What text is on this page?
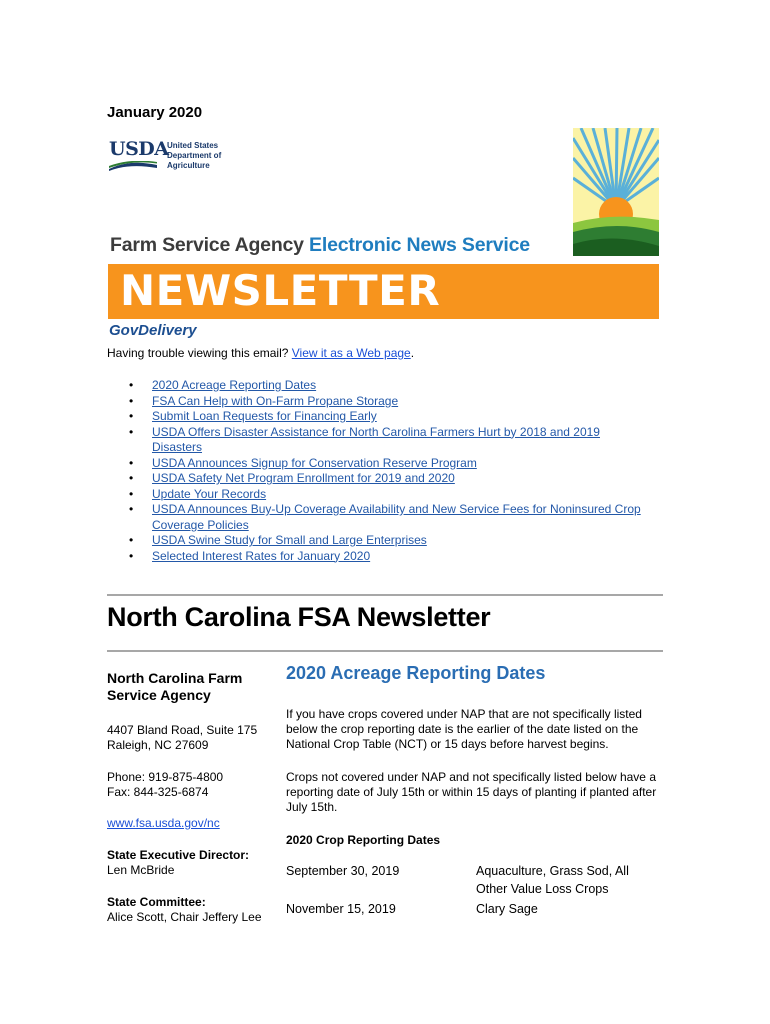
January 2020
USDA
United States
Department of
Agriculture
Farm Service Agency Electronic News Service
NEWSLETTER
GovDelivery
Having trouble viewing this email? View it as a Web page.
• 2020 Acreage Reporting Dates
• FSA Can Help with On-Farm Propane Storage
• Submit Loan Requests for Financing Early
• USDA Offers Disaster Assistance for North Carolina Farmers Hurt by 2018 and 2019 Disasters
• USDA Announces Signup for Conservation Reserve Program
• USDA Safety Net Program Enrollment for 2019 and 2020
• Update Your Records
• USDA Announces Buy-Up Coverage Availability and New Service Fees for Noninsured Crop Coverage Policies
• USDA Swine Study for Small and Large Enterprises
• Selected Interest Rates for January 2020
North Carolina FSA Newsletter
North Carolina Farm Service Agency
4407 Bland Road, Suite 175
Raleigh, NC 27609
Phone: 919-875-4800
Fax: 844-325-6874
www.fsa.usda.gov/nc
State Executive Director:
Len McBride
State Committee:
Alice Scott, Chair Jeffery Lee
2020 Acreage Reporting Dates
If you have crops covered under NAP that are not specifically listed below the crop reporting date is the earlier of the date listed on the National Crop Table (NCT) or 15 days before harvest begins.
Crops not covered under NAP and not specifically listed below have a reporting date of July 15th or within 15 days of planting if planted after July 15th.
2020 Crop Reporting Dates
September 30, 2019	Aquaculture, Grass Sod, All Other Value Loss Crops
November 15, 2019	Clary Sage
